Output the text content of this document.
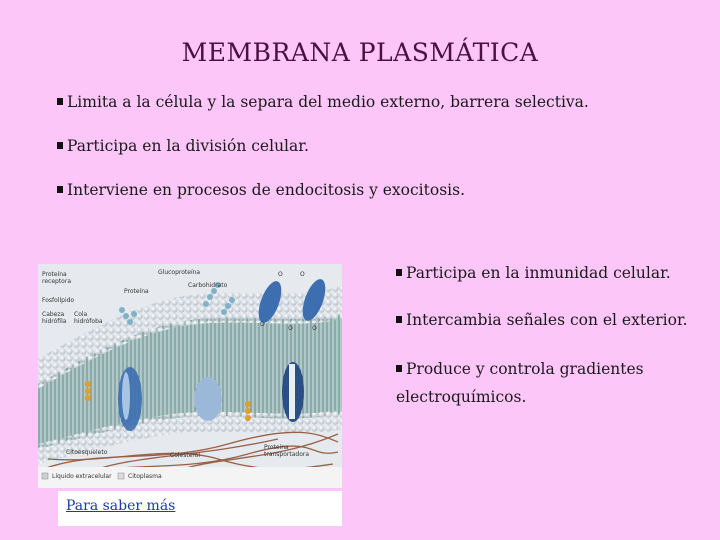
MEMBRANA PLASMÁTICA
Limita a la célula y la separa del medio externo, barrera selectiva.
Participa en la división celular.
Interviene en procesos de endocitosis y exocitosis.
Participa en la inmunidad celular.
Intercambia señales con el exterior.
Produce y controla gradientes electroquímicos.
Glucoproteína
Proteína
receptora
Fosfolípido
Cabeza
hidrófila
Cola
hidrófoba
Proteína
Carbohidrato
O	O
O
O	O
Citoesqueleto	Colesterol
Proteína
transportadora
Líquido extracelular	Citoplasma
Para saber más
